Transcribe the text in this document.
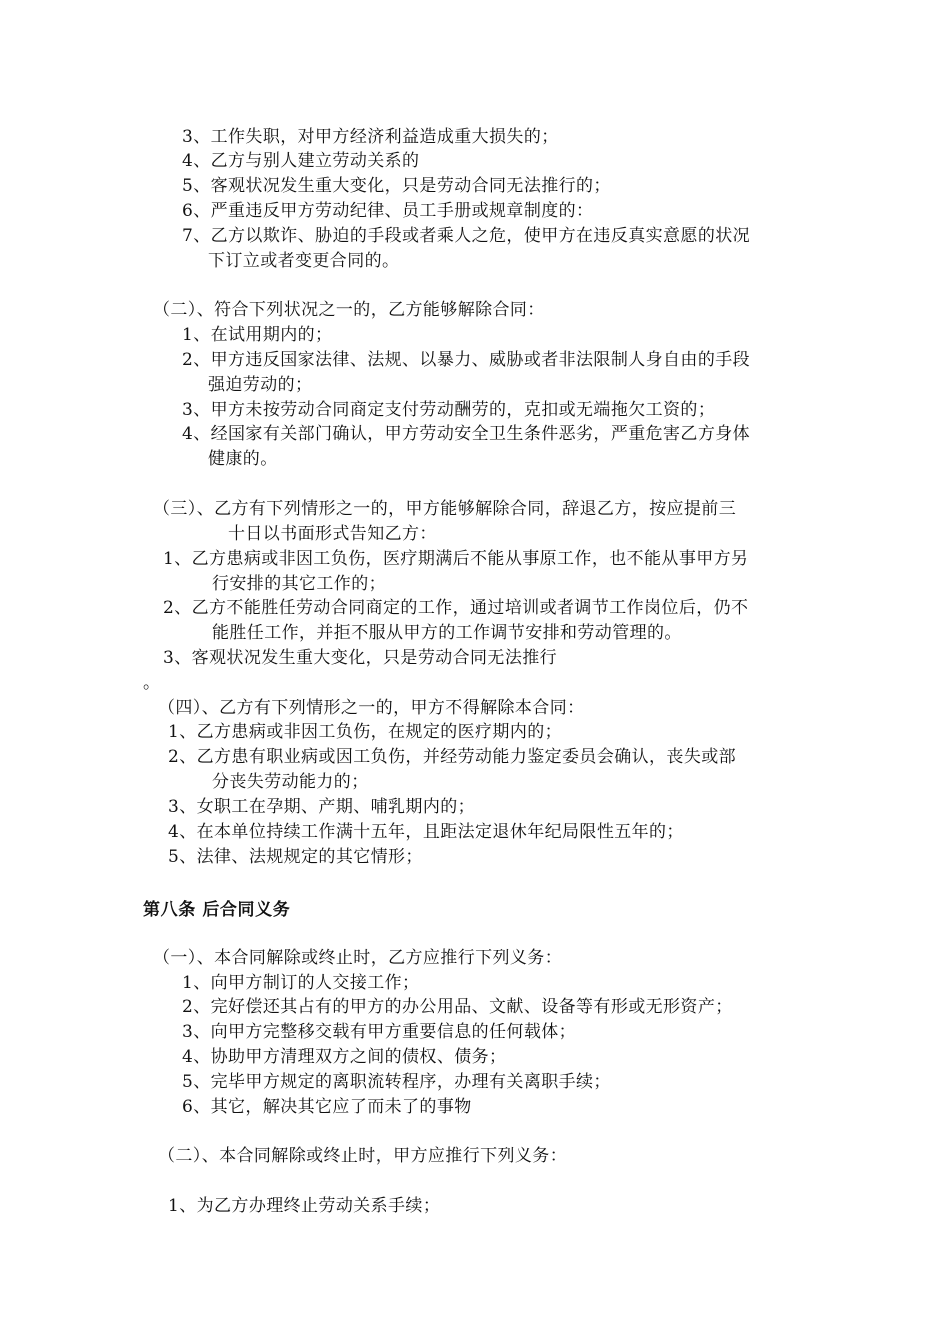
3、工作失职，对甲方经济利益造成重大损失的；
4、乙方与别人建立劳动关系的
5、客观状况发生重大变化，只是劳动合同无法推行的；
6、严重违反甲方劳动纪律、员工手册或规章制度的：
7、乙方以欺诈、胁迫的手段或者乘人之危，使甲方在违反真实意愿的状况
下订立或者变更合同的。
（二）、符合下列状况之一的，乙方能够解除合同：
1、在试用期内的；
2、甲方违反国家法律、法规、以暴力、威胁或者非法限制人身自由的手段
强迫劳动的；
3、甲方未按劳动合同商定支付劳动酬劳的，克扣或无端拖欠工资的；
4、经国家有关部门确认，甲方劳动安全卫生条件恶劣，严重危害乙方身体
健康的。
（三）、乙方有下列情形之一的，甲方能够解除合同，辞退乙方，按应提前三
十日以书面形式告知乙方：
1、乙方患病或非因工负伤，医疗期满后不能从事原工作，也不能从事甲方另
行安排的其它工作的；
2、乙方不能胜任劳动合同商定的工作，通过培训或者调节工作岗位后，仍不
能胜任工作，并拒不服从甲方的工作调节安排和劳动管理的。
3、客观状况发生重大变化，只是劳动合同无法推行
。
（四）、乙方有下列情形之一的，甲方不得解除本合同：
1、乙方患病或非因工负伤，在规定的医疗期内的；
2、乙方患有职业病或因工负伤，并经劳动能力鉴定委员会确认，丧失或部
分丧失劳动能力的；
3、女职工在孕期、产期、哺乳期内的；
4、在本单位持续工作满十五年，且距法定退休年纪局限性五年的；
5、法律、法规规定的其它情形；
第八条 后合同义务
（一）、本合同解除或终止时，乙方应推行下列义务：
1、向甲方制订的人交接工作；
2、完好偿还其占有的甲方的办公用品、文献、设备等有形或无形资产；
3、向甲方完整移交载有甲方重要信息的任何载体；
4、协助甲方清理双方之间的债权、债务；
5、完毕甲方规定的离职流转程序，办理有关离职手续；
6、其它，解决其它应了而未了的事物
（二）、本合同解除或终止时，甲方应推行下列义务：
1、为乙方办理终止劳动关系手续；
